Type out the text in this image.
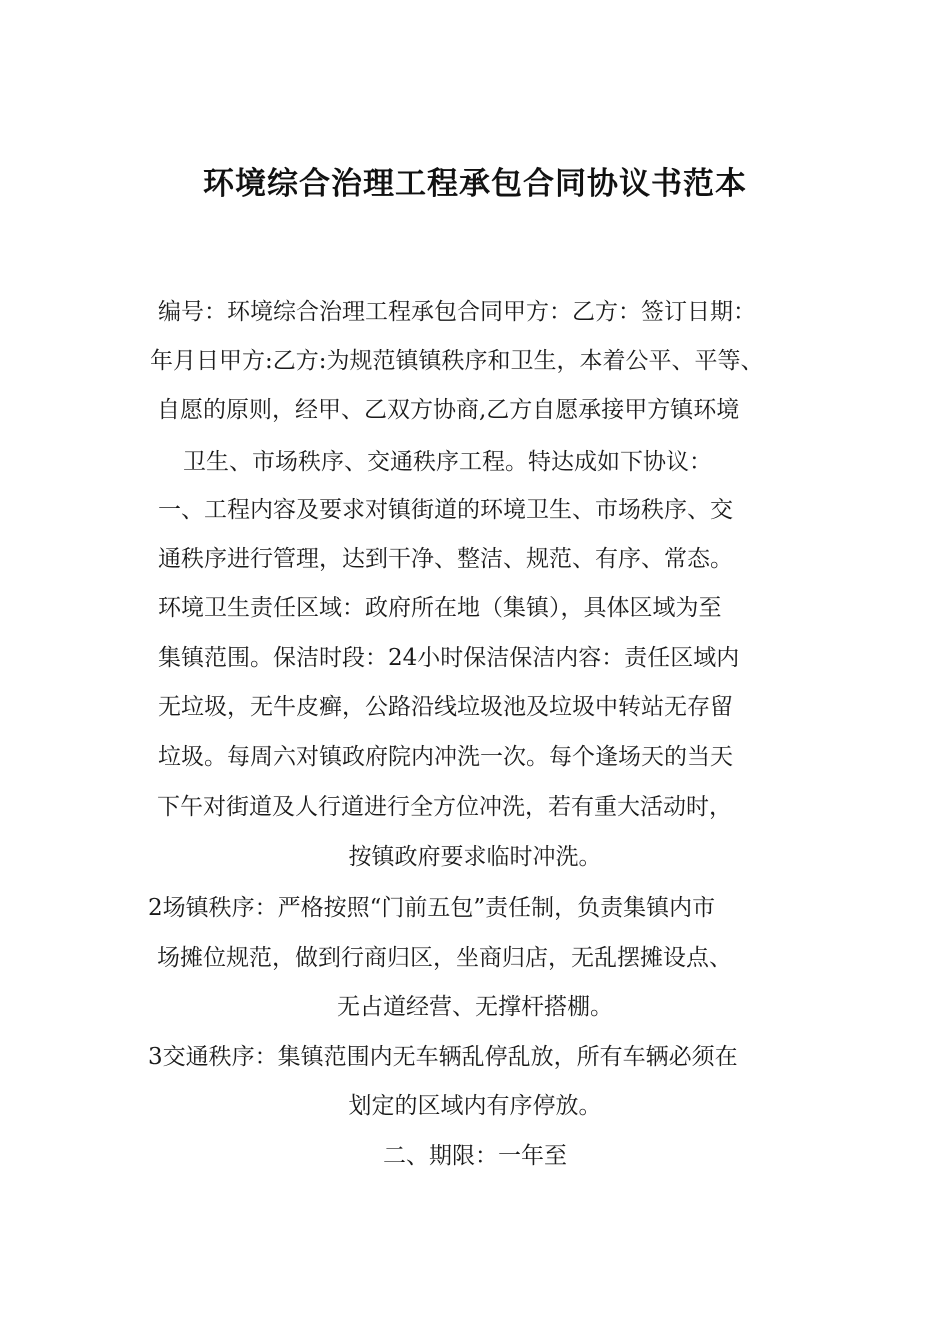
环境综合治理工程承包合同协议书范本
编号：环境综合治理工程承包合同甲方：乙方：签订日期：
年月日甲方:乙方:为规范镇镇秩序和卫生，本着公平、平等、
自愿的原则，经甲、乙双方协商,乙方自愿承接甲方镇环境
卫生、市场秩序、交通秩序工程。特达成如下协议：
一、工程内容及要求对镇街道的环境卫生、市场秩序、交
通秩序进行管理，达到干净、整洁、规范、有序、常态。
环境卫生责任区域：政府所在地（集镇），具体区域为至
集镇范围。保洁时段：24小时保洁保洁内容：责任区域内
无垃圾，无牛皮癣，公路沿线垃圾池及垃圾中转站无存留
垃圾。每周六对镇政府院内冲洗一次。每个逢场天的当天
下午对街道及人行道进行全方位冲洗，若有重大活动时，
按镇政府要求临时冲洗。
2场镇秩序：严格按照“门前五包”责任制，负责集镇内市
场摊位规范，做到行商归区，坐商归店，无乱摆摊设点、
无占道经营、无撑杆搭棚。
3交通秩序：集镇范围内无车辆乱停乱放，所有车辆必须在
划定的区域内有序停放。
二、期限：一年至
